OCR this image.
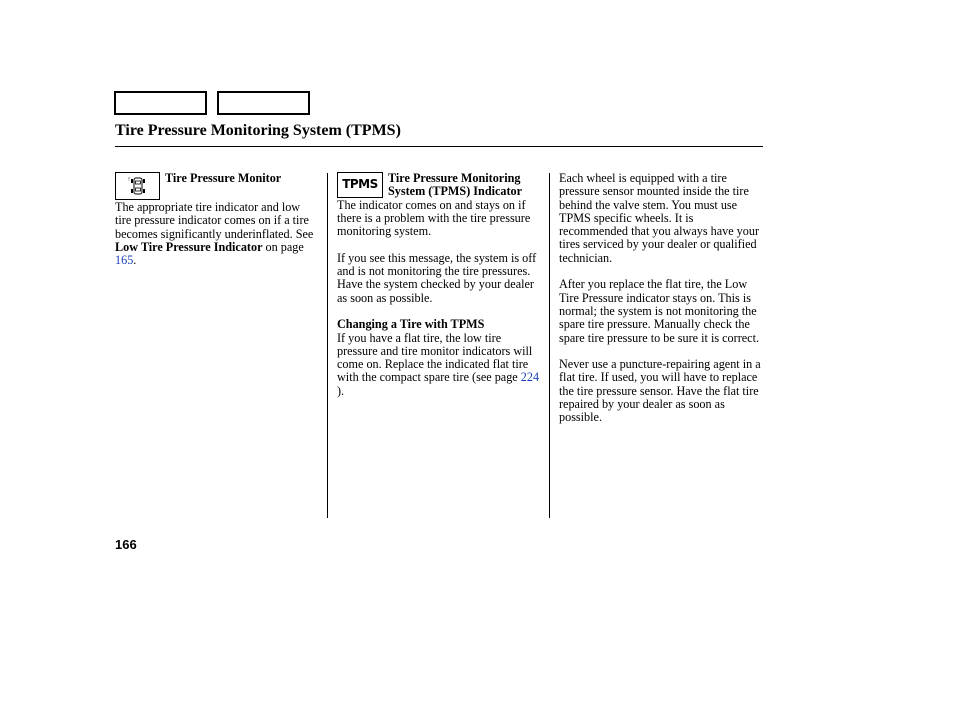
Tire Pressure Monitoring System (TPMS)
!	Tire Pressure Monitor

The appropriate tire indicator and low tire pressure indicator comes on if a tire becomes significantly underinflated. See Low Tire Pressure Indicator on page 165.

TPMS Tire Pressure Monitoring System (TPMS) Indicator

The indicator comes on and stays on if there is a problem with the tire pressure monitoring system.

If you see this message, the system is off and is not monitoring the tire pressures. Have the system checked by your dealer as soon as possible.

Changing a Tire with TPMS

If you have a flat tire, the low tire pressure and tire monitor indicators will come on. Replace the indicated flat tire with the compact spare tire (see page 224 ).

Each wheel is equipped with a tire pressure sensor mounted inside the tire behind the valve stem. You must use TPMS specific wheels. It is recommended that you always have your tires serviced by your dealer or qualified technician.

After you replace the flat tire, the Low Tire Pressure indicator stays on. This is normal; the system is not monitoring the spare tire pressure. Manually check the spare tire pressure to be sure it is correct.

Never use a puncture-repairing agent in a flat tire. If used, you will have to replace the tire pressure sensor. Have the flat tire repaired by your dealer as soon as possible.

166
